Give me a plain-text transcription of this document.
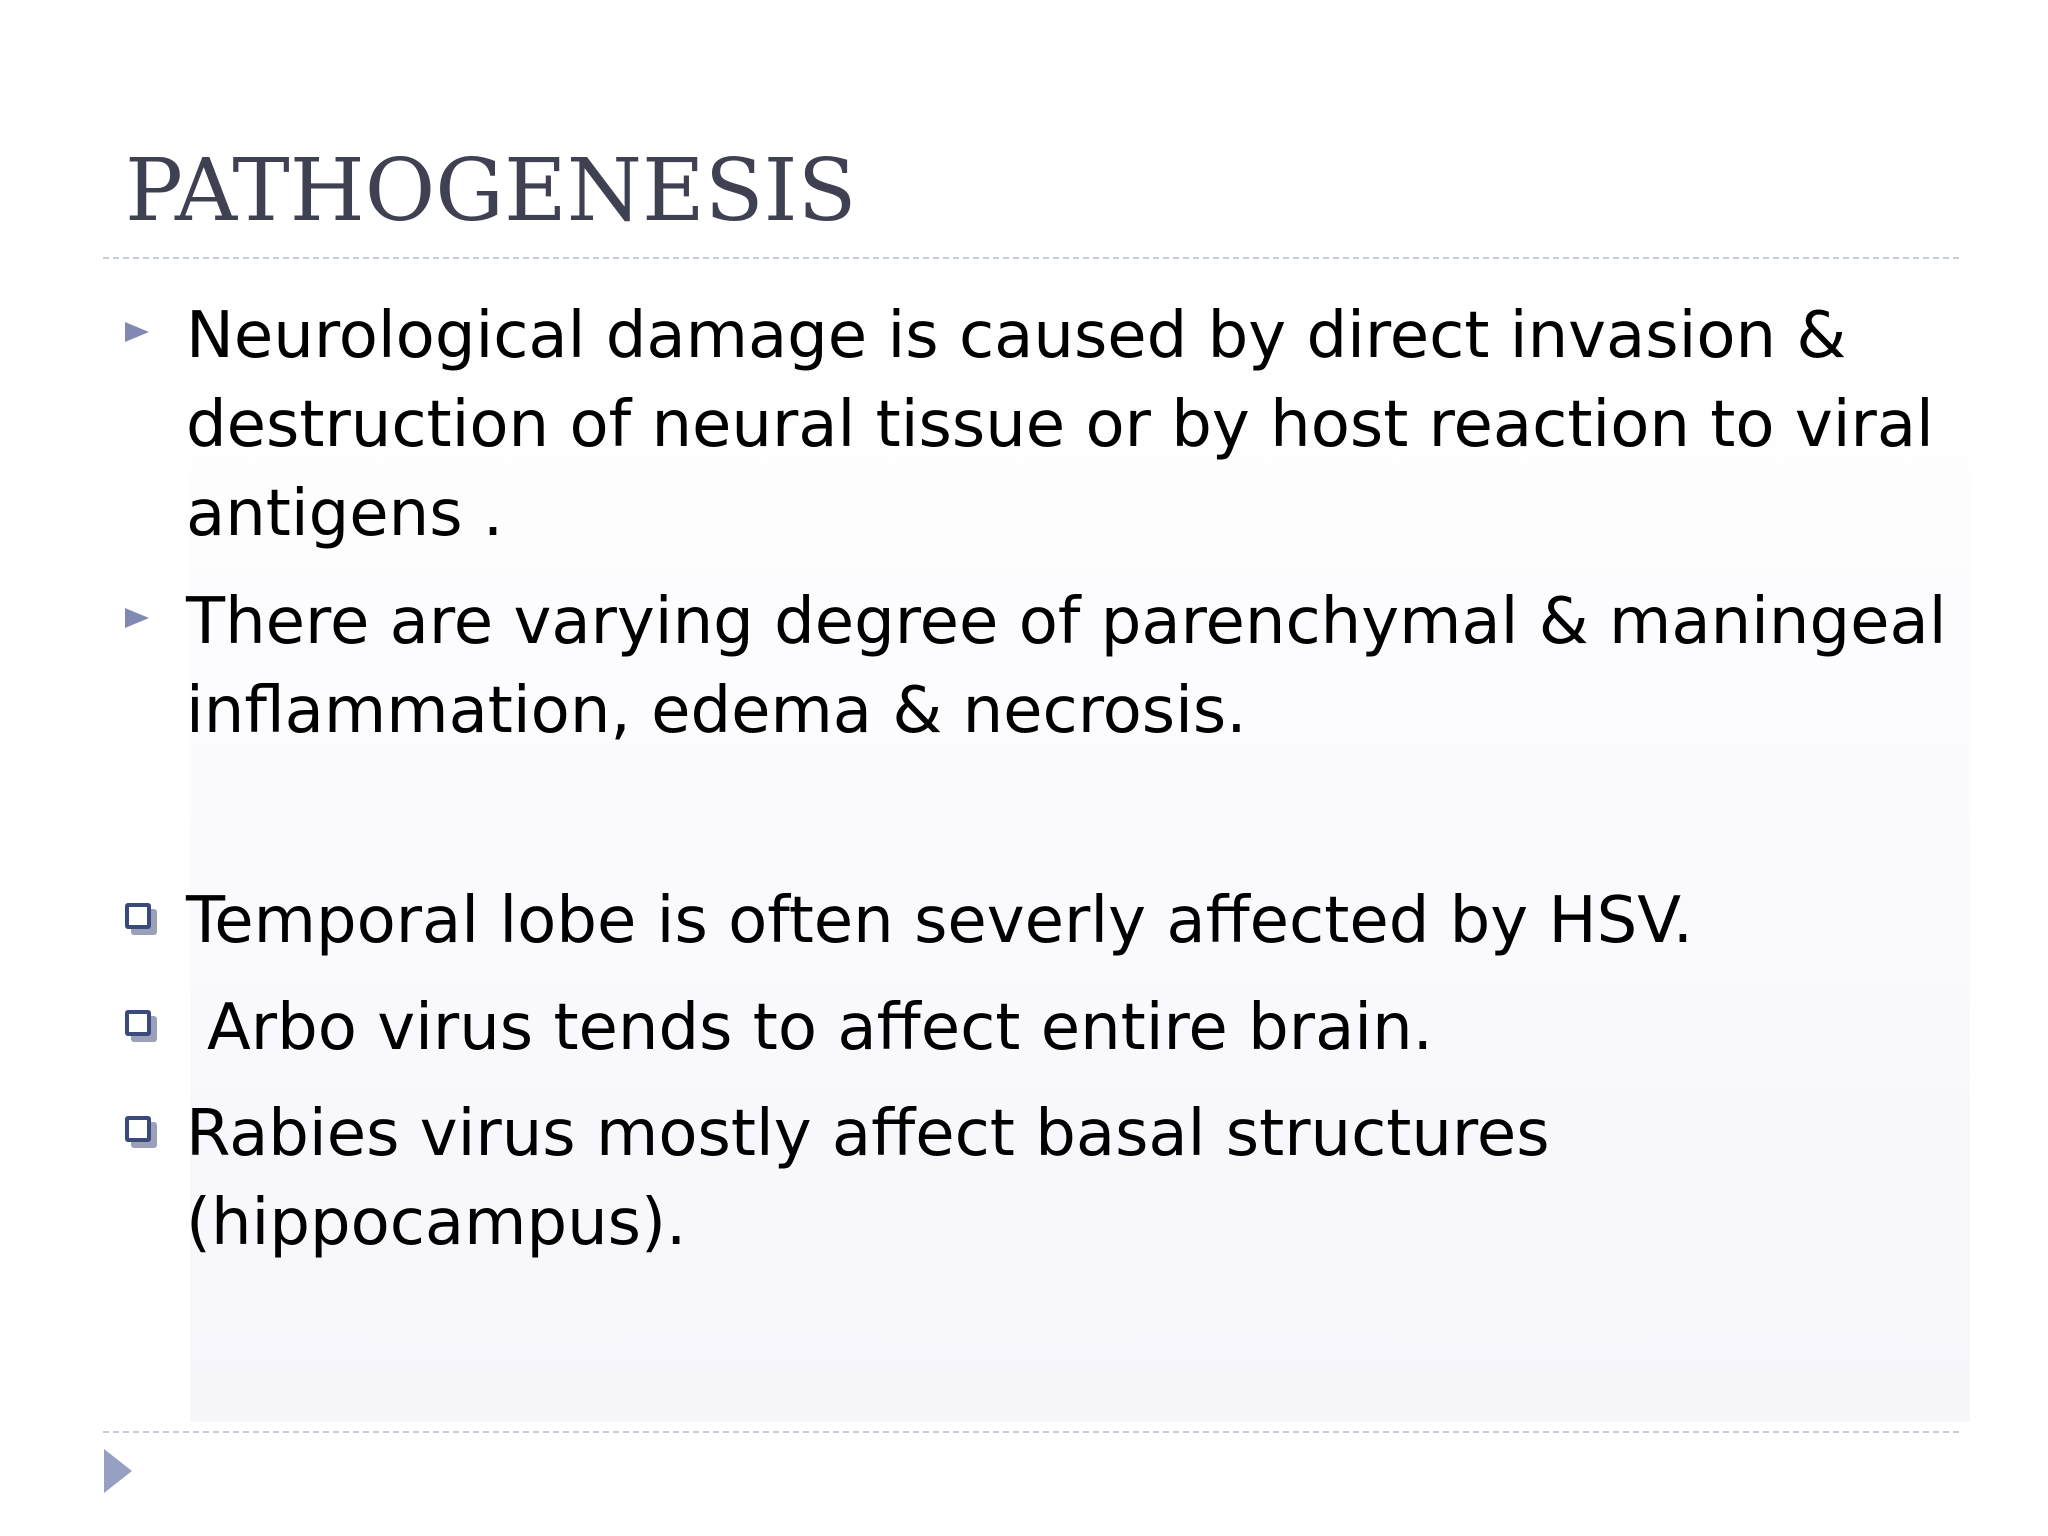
PATHOGENESIS
Neurological damage is caused by direct invasion & destruction of neural tissue or by host reaction to viral antigens .
There are varying degree of parenchymal & maningeal inflammation, edema & necrosis.
Temporal lobe is often severly affected by HSV.
Arbo virus tends to affect entire brain.
Rabies virus mostly affect basal structures (hippocampus).
